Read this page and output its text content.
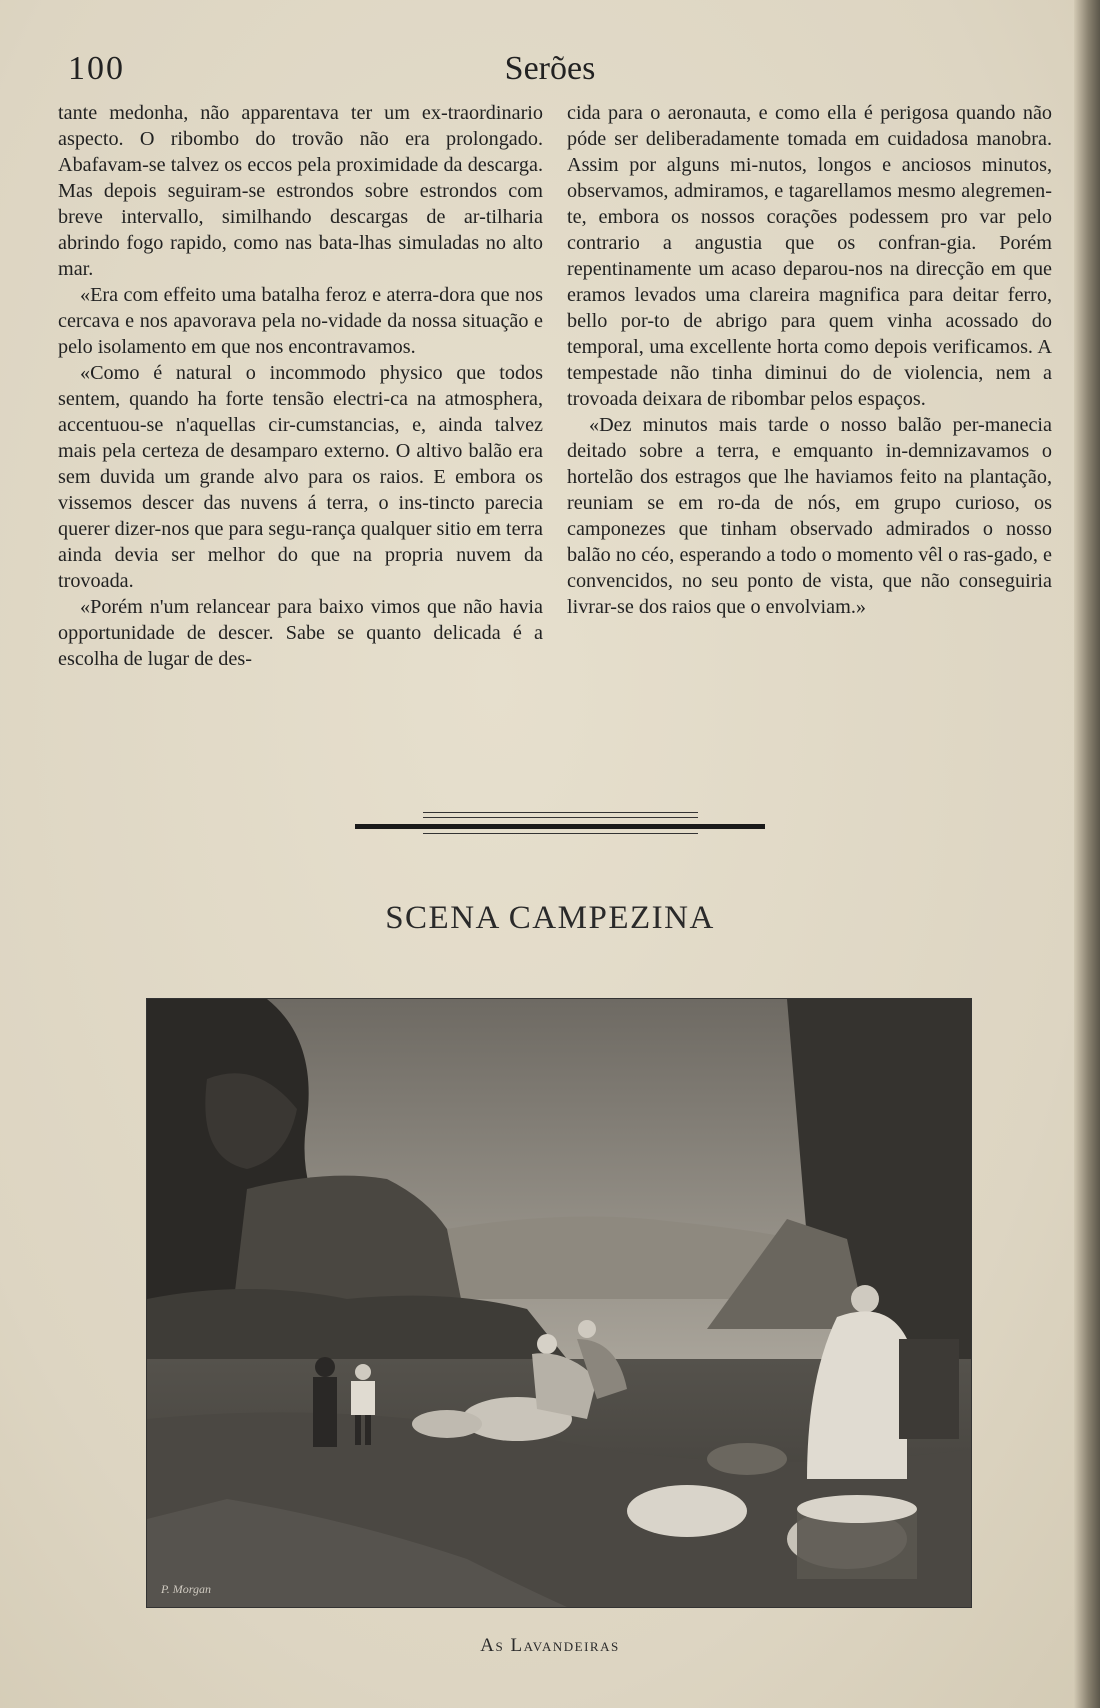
100	Serões

tante medonha, não apparentava ter um ex-traordinario aspecto. O ribombo do trovão não era prolongado. Abafavam-se talvez os eccos pela proximidade da descarga. Mas depois seguiram-se estrondos sobre estrondos com breve intervallo, similhando descargas de ar-tilharia abrindo fogo rapido, como nas bata-lhas simuladas no alto mar.

«Era com effeito uma batalha feroz e aterra-dora que nos cercava e nos apavorava pela no-vidade da nossa situação e pelo isolamento em que nos encontravamos.

«Como é natural o incommodo physico que todos sentem, quando ha forte tensão electri-ca na atmosphera, accentuou-se n'aquellas cir-cumstancias, e, ainda talvez mais pela certeza de desamparo externo. O altivo balão era sem duvida um grande alvo para os raios. E embora os vissemos descer das nuvens á terra, o ins-tincto parecia querer dizer-nos que para segu-rança qualquer sitio em terra ainda devia ser melhor do que na propria nuvem da trovoada.

«Porém n'um relancear para baixo vimos que não havia opportunidade de descer. Sabe se quanto delicada é a escolha de lugar de des-

cida para o aeronauta, e como ella é perigosa quando não póde ser deliberadamente tomada em cuidadosa manobra. Assim por alguns mi-nutos, longos e anciosos minutos, observamos, admiramos, e tagarellamos mesmo alegremen-te, embora os nossos corações podessem pro var pelo contrario a angustia que os confran-gia. Porém repentinamente um acaso deparou-nos na direcção em que eramos levados uma clareira magnifica para deitar ferro, bello por-to de abrigo para quem vinha acossado do temporal, uma excellente horta como depois verificamos. A tempestade não tinha diminui do de violencia, nem a trovoada deixara de ribombar pelos espaços.

«Dez minutos mais tarde o nosso balão per-manecia deitado sobre a terra, e emquanto in-demnizavamos o hortelão dos estragos que lhe haviamos feito na plantação, reuniam se em ro-da de nós, em grupo curioso, os camponezes que tinham observado admirados o nosso balão no céo, esperando a todo o momento vêl o ras-gado, e convencidos, no seu ponto de vista, que não conseguiria livrar-se dos raios que o envolviam.»

SCENA CAMPEZINA
P. Morgan
As Lavandeiras
